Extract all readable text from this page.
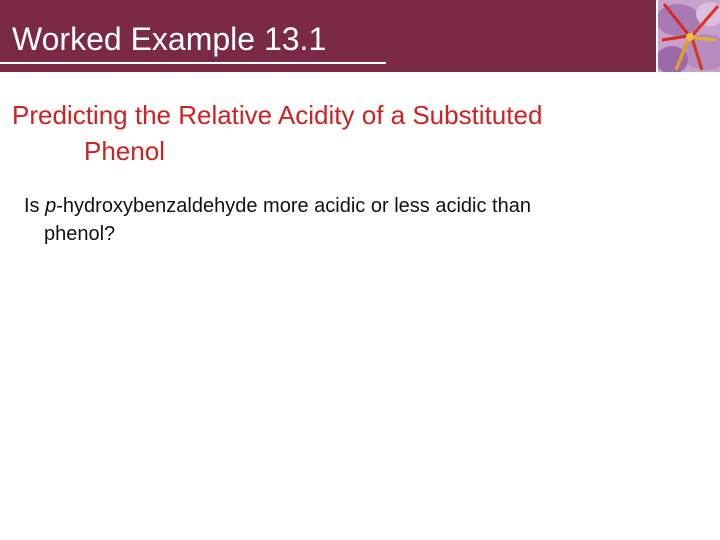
Worked Example 13.1
Predicting the Relative Acidity of a Substituted
Phenol
Is p-hydroxybenzaldehyde more acidic or less acidic than
phenol?
